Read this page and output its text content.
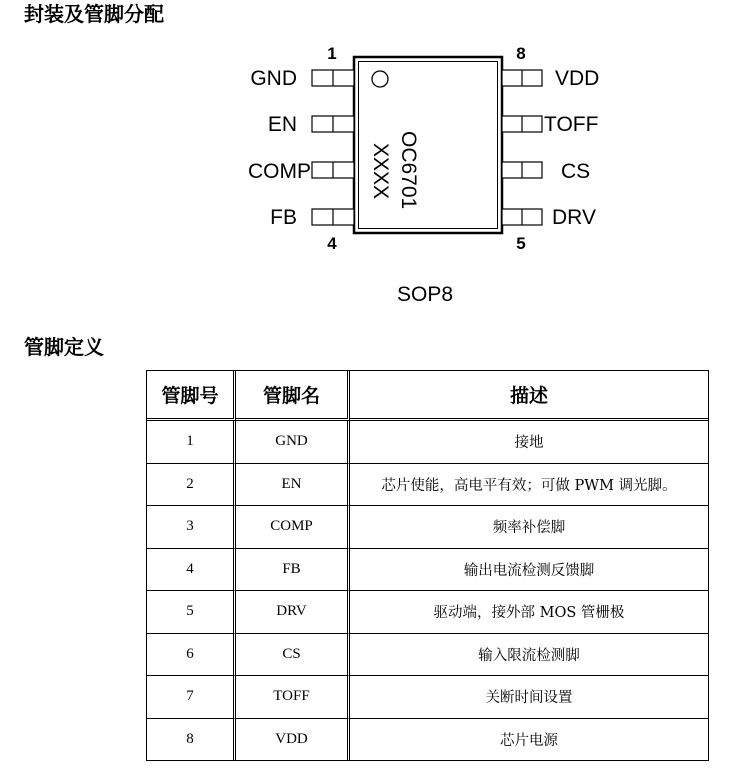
封装及管脚分配
1
4
8
5
GND
EN
COMP
FB
VDD
TOFF
CS
DRV
OC6701
XXXX
SOP8
管脚定义
管脚号	管脚名	描述
1	GND	接地
2	EN	芯片使能，高电平有效；可做 PWM 调光脚。
3	COMP	频率补偿脚
4	FB	输出电流检测反馈脚
5	DRV	驱动端，接外部 MOS 管栅极
6	CS	输入限流检测脚
7	TOFF	关断时间设置
8	VDD	芯片电源
